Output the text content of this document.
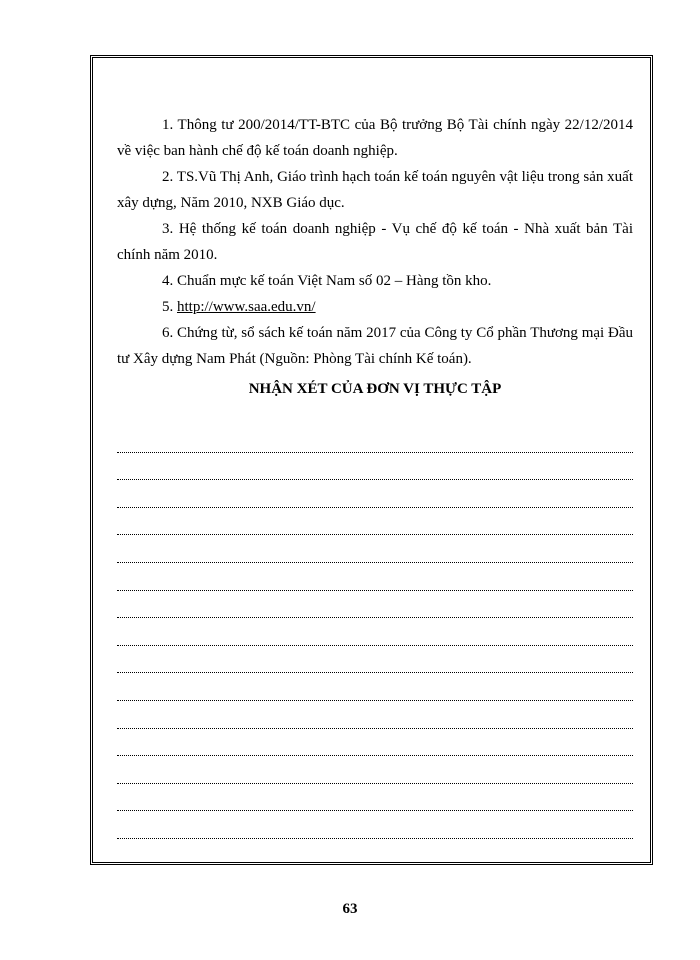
1. Thông tư 200/2014/TT-BTC của Bộ trưởng Bộ Tài chính ngày 22/12/2014 về việc ban hành chế độ kế toán doanh nghiệp.

2. TS.Vũ Thị Anh, Giáo trình hạch toán kế toán nguyên vật liệu trong sản xuất xây dựng, Năm 2010, NXB Giáo dục.

3. Hệ thống kế toán doanh nghiệp - Vụ chế độ kế toán - Nhà xuất bản Tài chính năm 2010.

4. Chuẩn mực kế toán Việt Nam số 02 – Hàng tồn kho.

5. http://www.saa.edu.vn/

6. Chứng từ, sổ sách kế toán năm 2017 của Công ty Cổ phần Thương mại Đầu tư Xây dựng Nam Phát (Nguồn: Phòng Tài chính Kế toán).

NHẬN XÉT CỦA ĐƠN VỊ THỰC TẬP
63
